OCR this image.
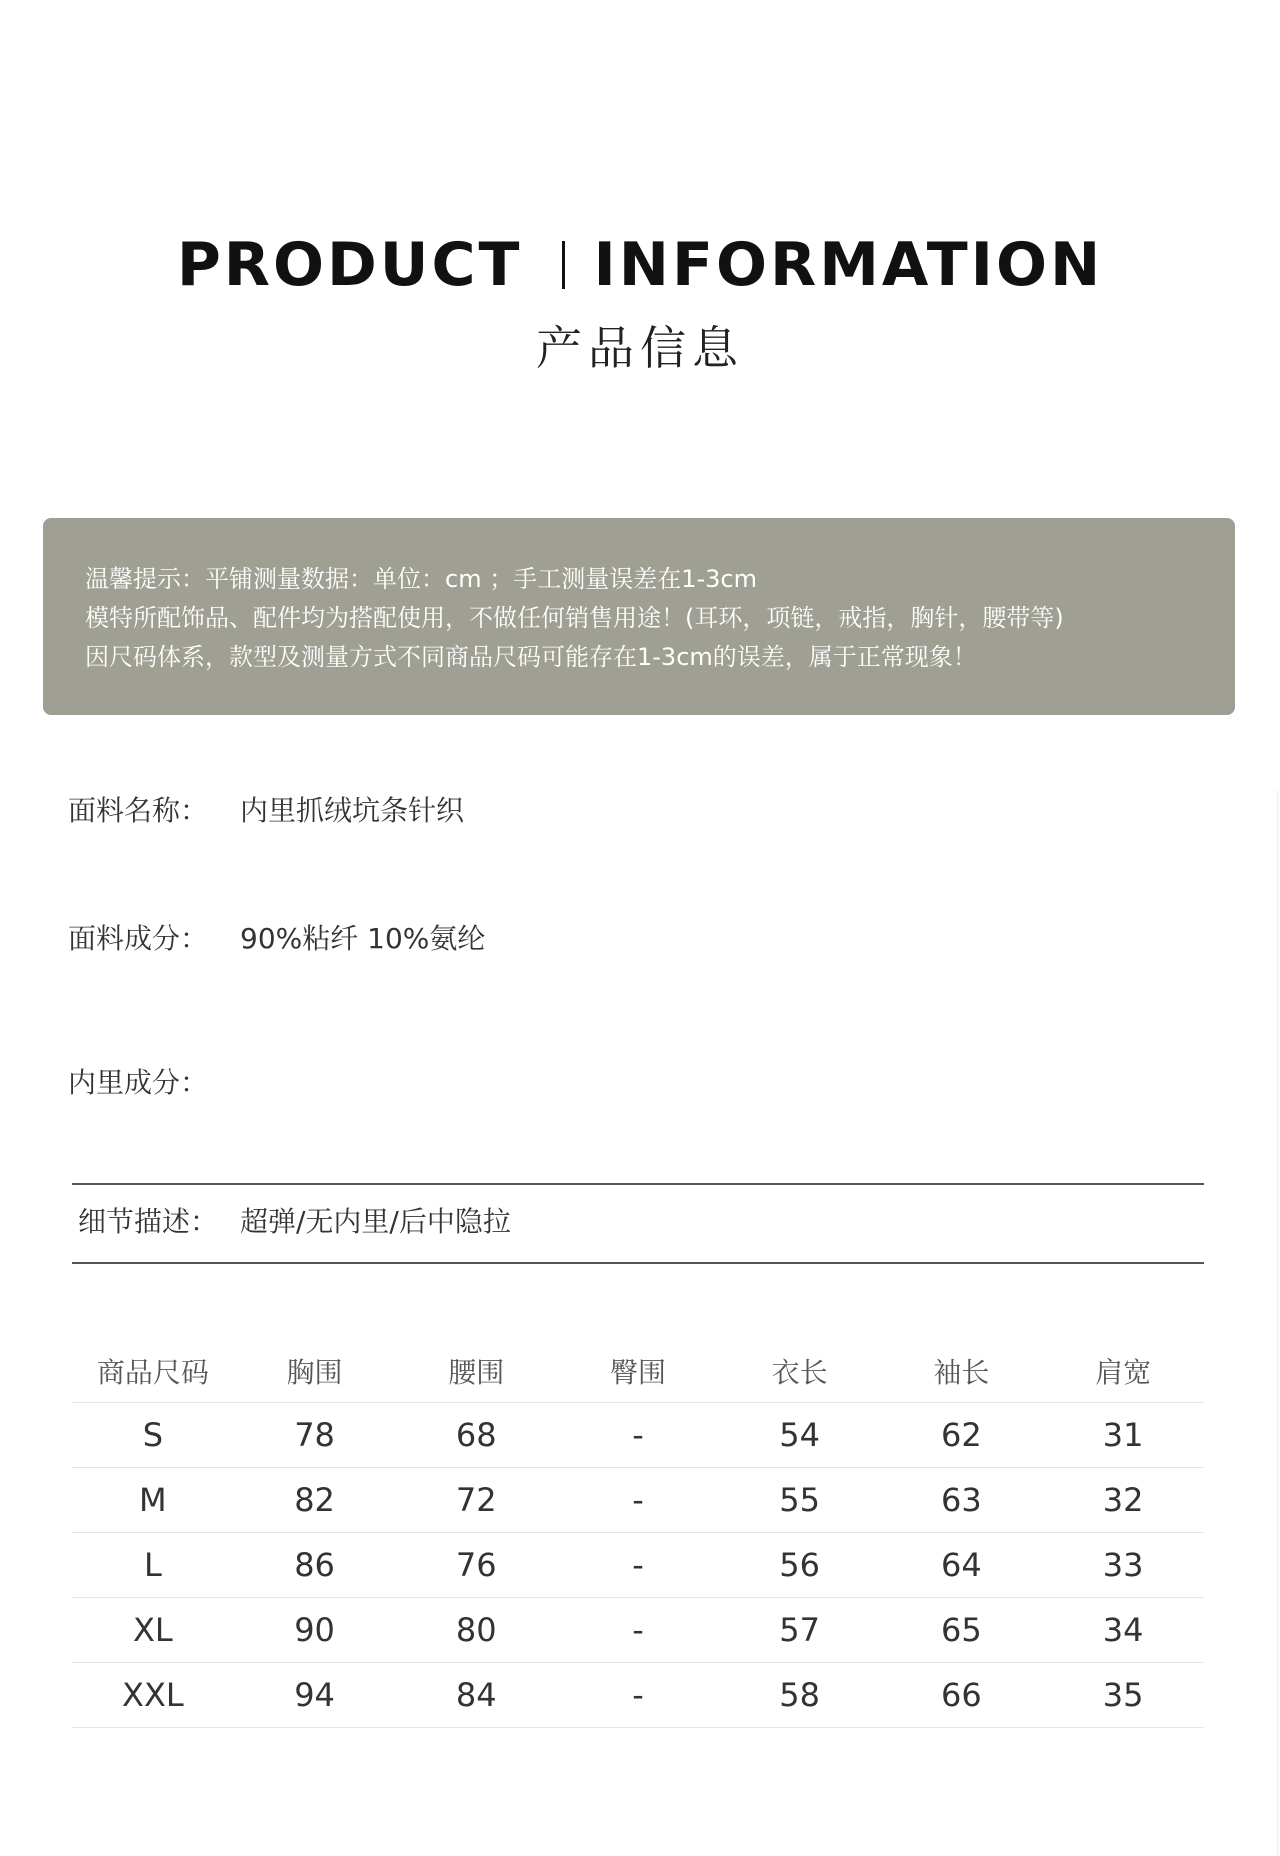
PRODUCT INFORMATION
产品信息

温馨提示：平铺测量数据：单位：cm ；手工测量误差在1-3cm

模特所配饰品、配件均为搭配使用，不做任何销售用途！(耳环，项链，戒指，胸针，腰带等)

因尺码体系，款型及测量方式不同商品尺码可能存在1-3cm的误差，属于正常现象！

面料名称： 内里抓绒坑条针织
面料成分： 90%粘纤 10%氨纶
内里成分：
细节描述： 超弹/无内里/后中隐拉
商品尺码	胸围	腰围	臀围	衣长	袖长	肩宽
S	78	68	-	54	62	31
M	82	72	-	55	63	32
L	86	76	-	56	64	33
XL	90	80	-	57	65	34
XXL	94	84	-	58	66	35
